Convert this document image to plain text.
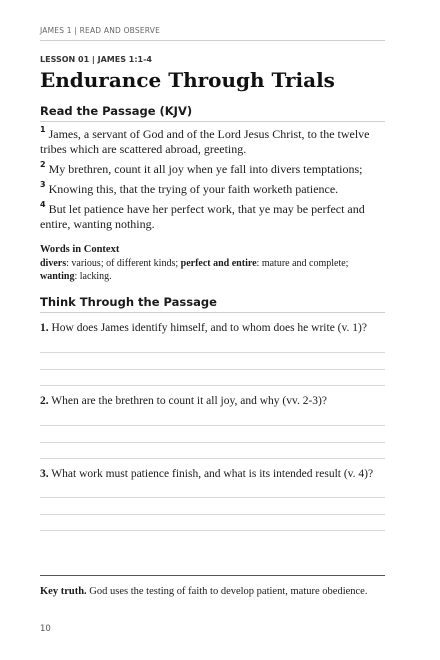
JAMES 1 | READ AND OBSERVE
LESSON 01 | JAMES 1:1-4
Endurance Through Trials
Read the Passage (KJV)

$^1$ James, a servant of God and of the Lord Jesus Christ, to the twelve tribes which are scattered abroad, greeting.

$^2$ My brethren, count it all joy when ye fall into divers temptations;

$^3$ Knowing this, that the trying of your faith worketh patience.

$^4$ But let patience have her perfect work, that ye may be perfect and entire, wanting nothing.

Words in Context
divers: various; of different kinds; perfect and entire: mature and complete;
wanting: lacking.
Think Through the Passage

1. How does James identify himself, and to whom does he write (v. 1)?

2. When are the brethren to count it all joy, and why (vv. 2-3)?

3. What work must patience finish, and what is its intended result (v. 4)?

Key truth. God uses the testing of faith to develop patient, mature obedience.
10
